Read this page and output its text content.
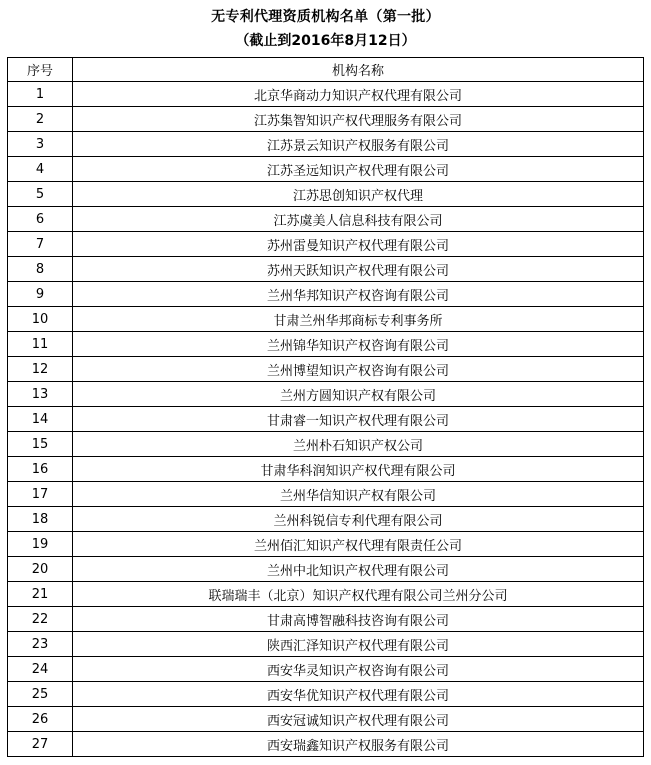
无专利代理资质机构名单（第一批）
（截止到2016年8月12日）
序号	机构名称
1	北京华商动力知识产权代理有限公司
2	江苏集智知识产权代理服务有限公司
3	江苏景云知识产权服务有限公司
4	江苏圣远知识产权代理有限公司
5	江苏思创知识产权代理
6	江苏虞美人信息科技有限公司
7	苏州雷曼知识产权代理有限公司
8	苏州天跃知识产权代理有限公司
9	兰州华邦知识产权咨询有限公司
10	甘肃兰州华邦商标专利事务所
11	兰州锦华知识产权咨询有限公司
12	兰州博望知识产权咨询有限公司
13	兰州方圆知识产权有限公司
14	甘肃睿一知识产权代理有限公司
15	兰州朴石知识产权公司
16	甘肃华科润知识产权代理有限公司
17	兰州华信知识产权有限公司
18	兰州科锐信专利代理有限公司
19	兰州佰汇知识产权代理有限责任公司
20	兰州中北知识产权代理有限公司
21	联瑞瑞丰（北京）知识产权代理有限公司兰州分公司
22	甘肃高博智融科技咨询有限公司
23	陕西汇泽知识产权代理有限公司
24	西安华灵知识产权咨询有限公司
25	西安华优知识产权代理有限公司
26	西安冠诚知识产权代理有限公司
27	西安瑞鑫知识产权服务有限公司
